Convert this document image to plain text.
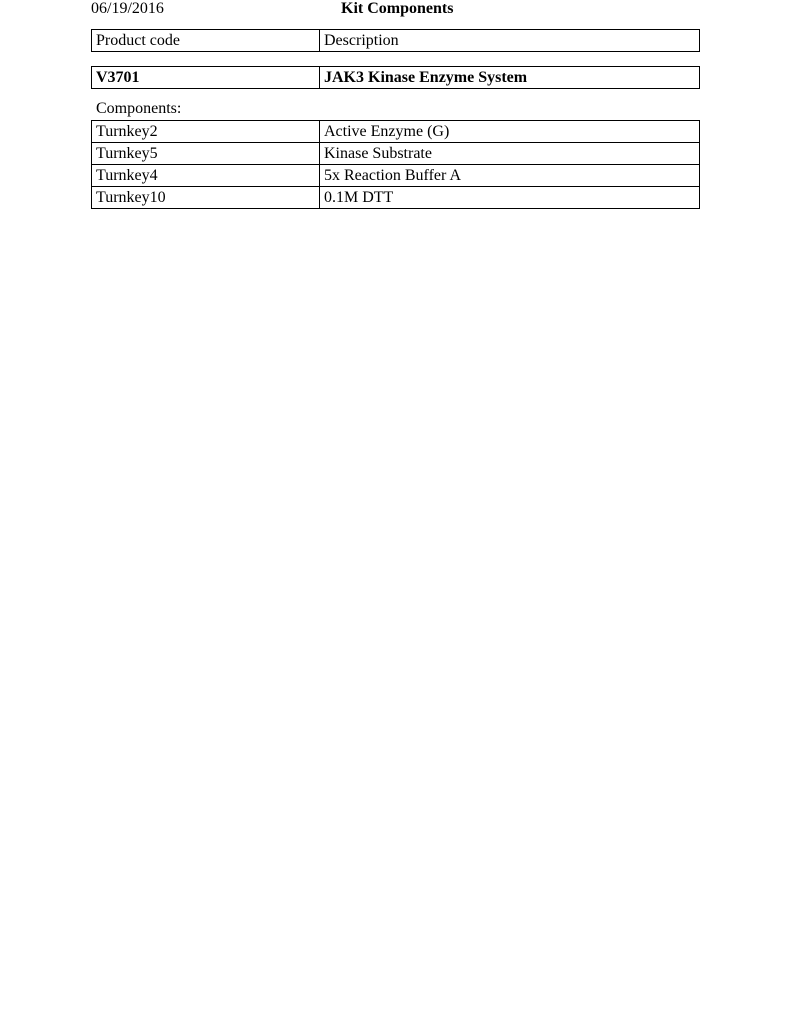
06/19/2016	Kit Components
Product code	Description
V3701	JAK3 Kinase Enzyme System
Components:
Turnkey2	Active Enzyme (G)
Turnkey5	Kinase Substrate
Turnkey4	5x Reaction Buffer A
Turnkey10	0.1M DTT
